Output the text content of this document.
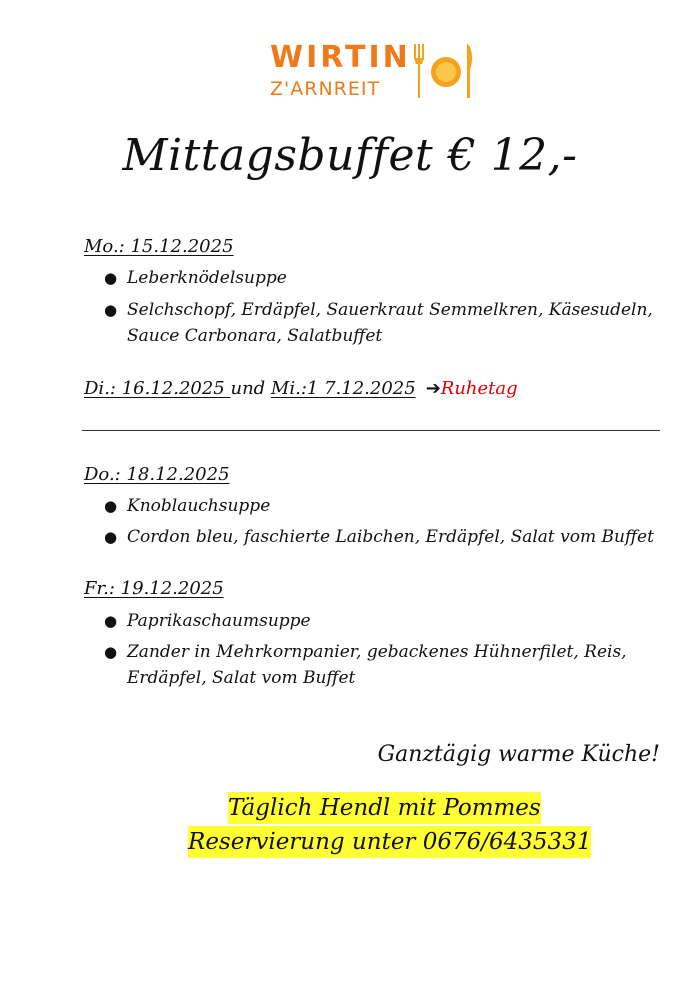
WIRTIN
Z'ARNREIT
Mittagsbuffet € 12,-
Mo.: 15.12.2025
● Leberknödelsuppe
● Selchschopf, Erdäpfel, Sauerkraut Semmelkren, Käsesudeln, Sauce Carbonara, Salatbuffet
Di.: 16.12.2025 und Mi.:1 7.12.2025 ➔Ruhetag
Do.: 18.12.2025
● Knoblauchsuppe
● Cordon bleu, faschierte Laibchen, Erdäpfel, Salat vom Buffet
Fr.: 19.12.2025
● Paprikaschaumsuppe
● Zander in Mehrkornpanier, gebackenes Hühnerfilet, Reis, Erdäpfel, Salat vom Buffet
Ganztägig warme Küche!
Täglich Hendl mit Pommes
Reservierung unter 0676/6435331
